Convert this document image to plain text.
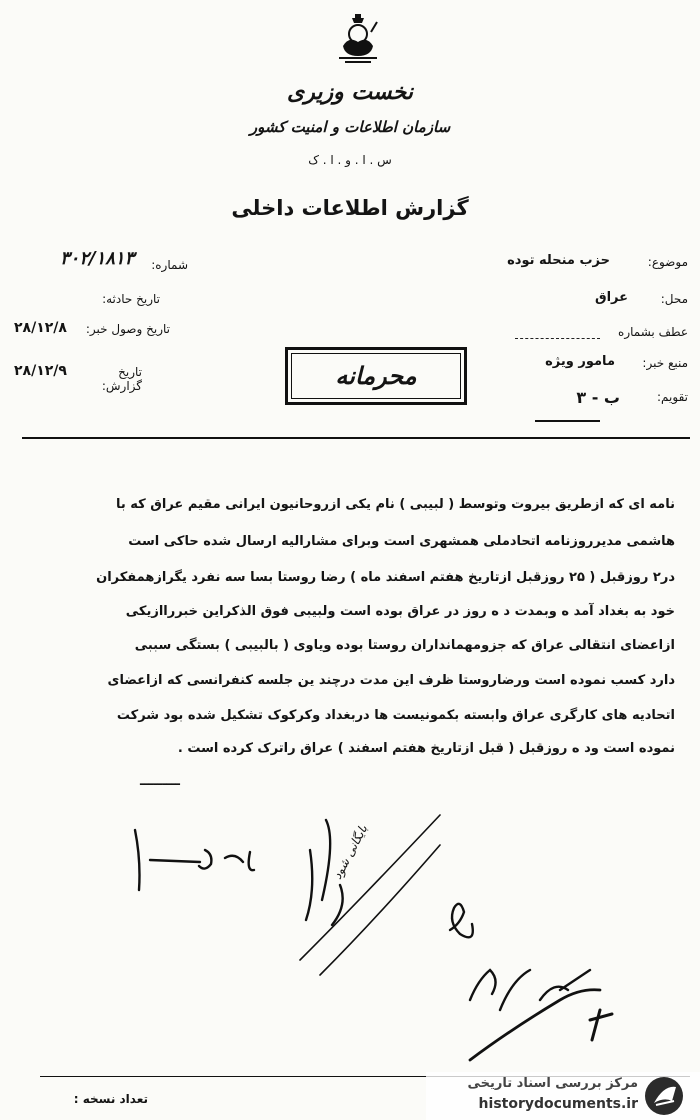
نخست وزیری
سازمان اطلاعات و امنیت کشور
س . ا . و . ا . ک
گزارش اطلاعات داخلی
شماره:
۳۰۲/۱۸۱۳
تاریخ حادثه:
تاریخ وصول خبر:
۲۸/۱۲/۸
تاریخ گزارش:
۲۸/۱۲/۹
موضوع:
حزب منحله توده
محل:
عراق
عطف بشماره
منبع خبر:
مامور ویژه
تقویم:
ب - ۳
محرمانه
نامه ای که ازطریق بیروت وتوسط ( لبیبی ) نام یکی ازروحانیون ایرانی مقیم عراق که با
هاشمی مدیرروزنامه اتحادملی همشهری است وبرای مشارالیه ارسال شده حاکی است
در۲ روزقبل ( ۲۵ روزقبل ازتاریخ هفتم اسفند ماه ) رضا روستا بسا سه نفرد یگرازهمفکران
خود به بغداد آمد ه وبمدت د ه روز در عراق بوده است ولبیبی فوق الذکراین خبرراازیکی
ازاعضای انتقالی عراق که جزومهمانداران روستا بوده ویاوی ( بالبیبی ) بستگی سببی
دارد کسب نموده است ورضاروستا ظرف این مدت درچند ین جلسه کنفرانسی که ازاعضای
اتحادیه های کارگری عراق وابسته بکمونیست ها دربغداد وکرکوک تشکیل شده بود شرکت
نموده است ود ه روزقبل ( قبل ازتاریخ هفتم اسفند ) عراق راترک کرده است .
ـــــــــ
بایگانی شود
تعداد نسخه :
مرکز بررسی اسناد تاریخی
historydocuments.ir
